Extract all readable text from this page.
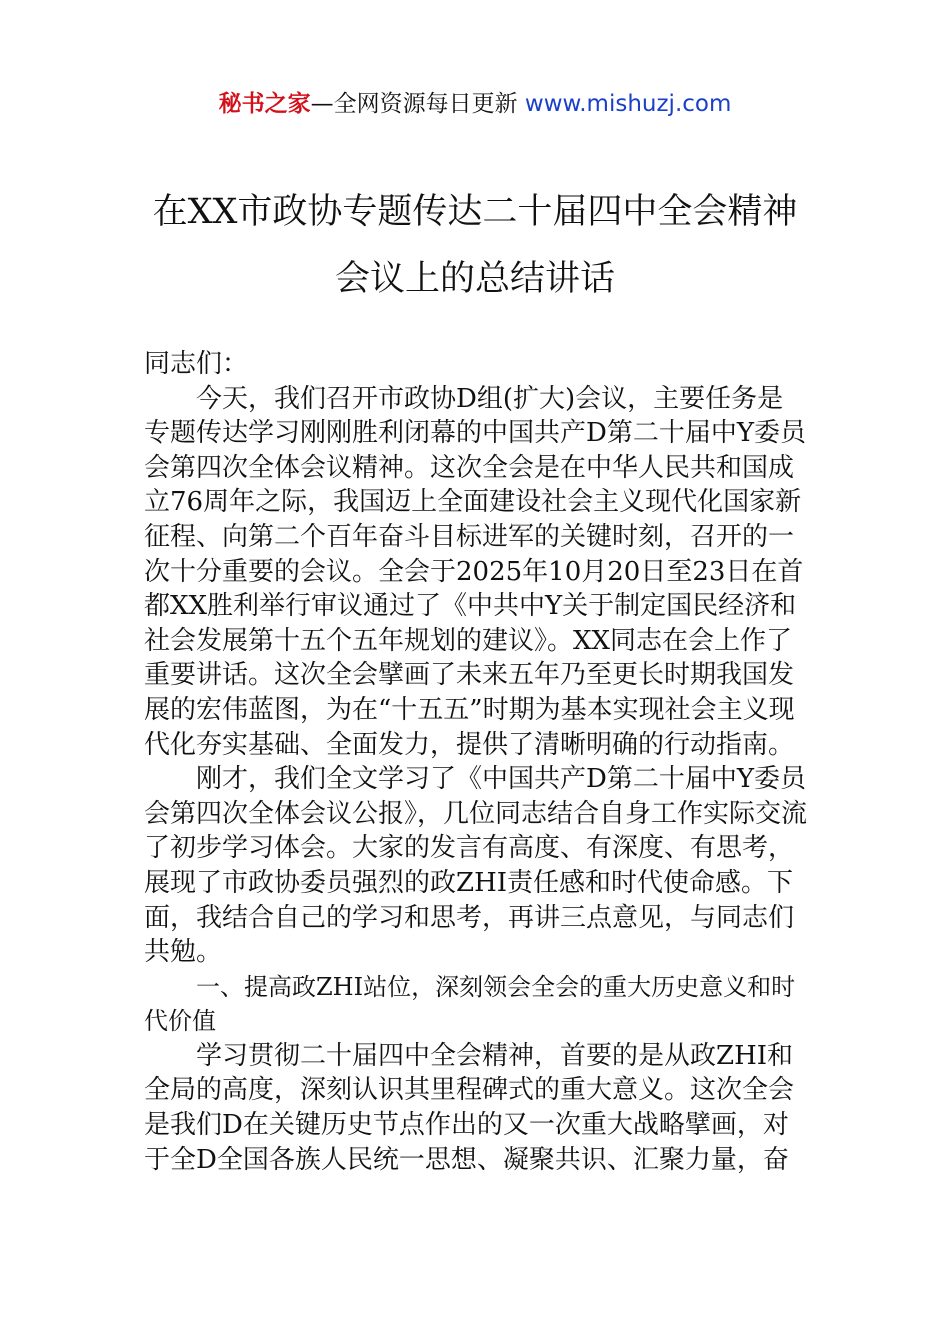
秘书之家—全网资源每日更新 www.mishuzj.com
在XX市政协专题传达二十届四中全会精神
会议上的总结讲话

同志们：

今天，我们召开市政协D组(扩大)会议，主要任务是专题传达学习刚刚胜利闭幕的中国共产D第二十届中Y委员会第四次全体会议精神。这次全会是在中华人民共和国成立76周年之际，我国迈上全面建设社会主义现代化国家新征程、向第二个百年奋斗目标进军的关键时刻，召开的一次十分重要的会议。全会于2025年10月20日至23日在首都XX胜利举行审议通过了《中共中Y关于制定国民经济和社会发展第十五个五年规划的建议》。XX同志在会上作了重要讲话。这次全会擘画了未来五年乃至更长时期我国发展的宏伟蓝图，为在“十五五”时期为基本实现社会主义现代化夯实基础、全面发力，提供了清晰明确的行动指南。

刚才，我们全文学习了《中国共产D第二十届中Y委员会第四次全体会议公报》，几位同志结合自身工作实际交流了初步学习体会。大家的发言有高度、有深度、有思考，展现了市政协委员强烈的政ZHI责任感和时代使命感。下面，我结合自己的学习和思考，再讲三点意见，与同志们共勉。

一、提高政ZHI站位，深刻领会全会的重大历史意义和时代价值

学习贯彻二十届四中全会精神，首要的是从政ZHI和全局的高度，深刻认识其里程碑式的重大意义。这次全会是我们D在关键历史节点作出的又一次重大战略擘画，对于全D全国各族人民统一思想、凝聚共识、汇聚力量，奋
